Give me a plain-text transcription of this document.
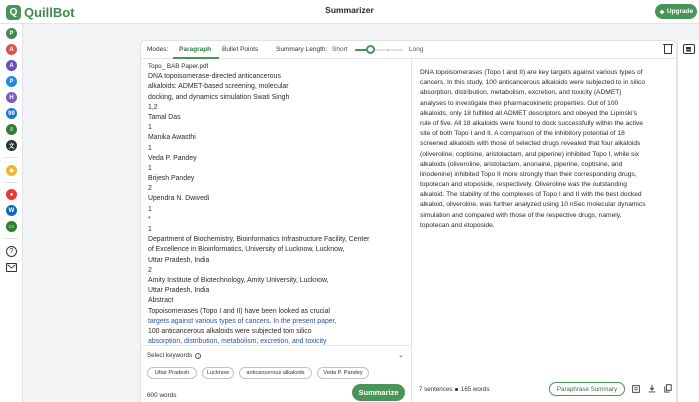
Q QuillBot	Summarizer	Upgrade
P
A
A
P
H
99
≡
文
◆
●
W
▭
?
Modes: Paragraph Bullet Points	Summary Length: Short	Long
Topo_ BAB Paper.pdf
DNA topoisomerase-directed anticancerous
alkaloids: ADMET-based screening, molecular
docking, and dynamics simulation Swati Singh
1,2
Tamal Das
1
Manika Awasthi
1
Veda P. Pandey
1
Brijesh Pandey
2
Upendra N. Dwivedi
1
*
1
Department of Biochemistry, Bioinformatics Infrastructure Facility, Center
of Excellence in Bioinformatics, University of Lucknow, Lucknow,
Uttar Pradesh, India
2
Amity Institute of Biotechnology, Amity University, Lucknow,
Uttar Pradesh, India
Abstract
Topoisomerases (Topo I and II) have been looked as crucial
targets against various types of cancers. In the present paper,
100 anticancerous alkaloids were subjected toin silico
absorption, distribution, metabolism, excretion, and toxicity
Select keywords	i	⌄
Uttar Pradesh	Lucknow	anticancerous alkaloids	Veda P. Pandey
600 words	Summarize
DNA topoisomerases (Topo I and II) are key targets against various types of
cancers. In this study, 100 anticancerous alkaloids were subjected to in silico
absorption, distribution, metabolism, excretion, and toxicity (ADMET)
analyses to investigate their pharmacokinetic properties. Out of 100
alkaloids, only 18 fulfilled all ADMET descriptors and obeyed the Lipinski's
rule of five. All 18 alkaloids were found to dock successfully within the active
site of both Topo I and II. A comparison of the inhibitory potential of 18
screened alkaloids with those of selected drugs revealed that four alkaloids
(oliveroline, coptisine, aristolactam, and piperine) inhibited Topo I, while six
alkaloids (oliveroline, aristolactam, anonaine, piperine, coptisine, and
liriodenine) inhibited Topo II more strongly than their corresponding drugs,
topotecan and etoposide, respectively. Oliveroline was the outstanding
alkaloid. The stability of the complexes of Topo I and II with the best docked
alkaloid, oliveroline, was further analyzed using 10 nSec molecular dynamics
simulation and compared with those of the respective drugs, namely,
topotecan and etoposide.
7 sentences 165 words	Paraphrase Summary
